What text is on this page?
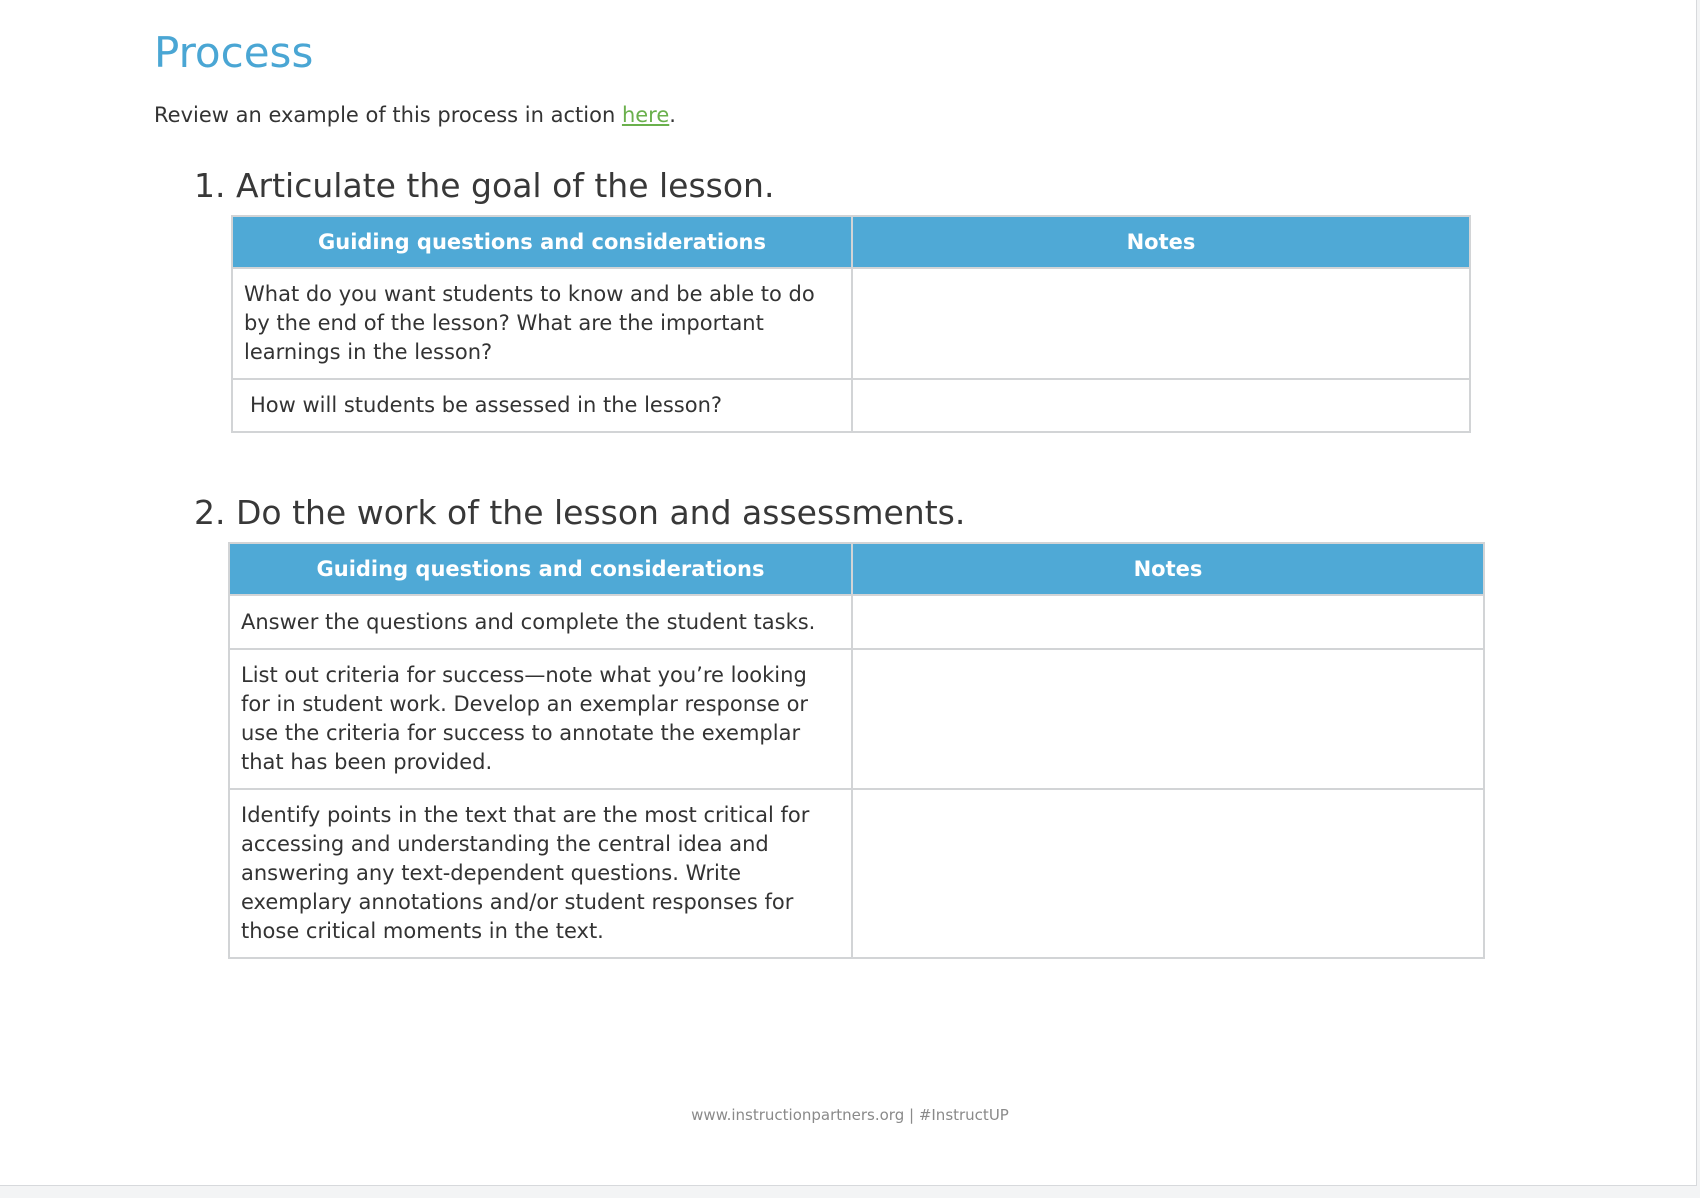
Process

Review an example of this process in action here.

1. Articulate the goal of the lesson.
Guiding questions and considerations	Notes
What do you want students to know and be able to do by the end of the lesson? What are the important learnings in the lesson?	
How will students be assessed in the lesson?	
2. Do the work of the lesson and assessments.
Guiding questions and considerations	Notes
Answer the questions and complete the student tasks.	
List out criteria for success—note what you’re looking for in student work. Develop an exemplar response or use the criteria for success to annotate the exemplar that has been provided.	
Identify points in the text that are the most critical for accessing and understanding the central idea and answering any text-dependent questions. Write exemplary annotations and/or student responses for those critical moments in the text.	

www.instructionpartners.org | #InstructUP
